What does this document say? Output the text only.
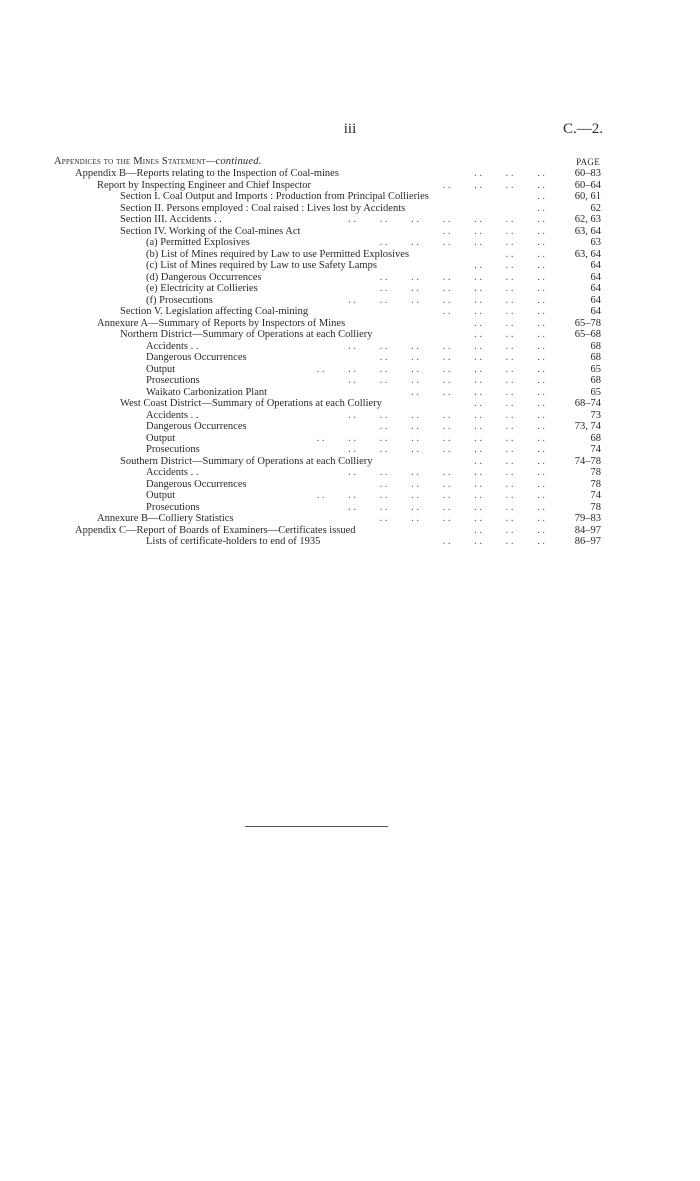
iii	C.—2.
PAGE
Appendices to the Mines Statement—continued.
Appendix B—Reports relating to the Inspection of Coal-mines	. .         . .         . .	60–83
Report by Inspecting Engineer and Chief Inspector	. .         . .         . .         . .	60–64
Section I. Coal Output and Imports : Production from Principal Collieries	. .	60, 61
Section II. Persons employed : Coal raised : Lives lost by Accidents	. .	62
Section III. Accidents . .	. .         . .         . .         . .         . .         . .         . .	62, 63
Section IV. Working of the Coal-mines Act	. .         . .         . .         . .	63, 64
(a) Permitted Explosives	. .         . .         . .         . .         . .         . .	63
(b) List of Mines required by Law to use Permitted Explosives	. .         . .	63, 64
(c) List of Mines required by Law to use Safety Lamps	. .         . .         . .	64
(d) Dangerous Occurrences	. .         . .         . .         . .         . .         . .	64
(e) Electricity at Collieries	. .         . .         . .         . .         . .         . .	64
(f) Prosecutions	. .         . .         . .         . .         . .         . .         . .	64
Section V. Legislation affecting Coal-mining	. .         . .         . .         . .	64
Annexure A—Summary of Reports by Inspectors of Mines	. .         . .         . .	65–78
Northern District—Summary of Operations at each Colliery	. .         . .         . .	65–68
Accidents . .	. .         . .         . .         . .         . .         . .         . .	68
Dangerous Occurrences	. .         . .         . .         . .         . .         . .	68
Output	. .         . .         . .         . .         . .         . .         . .         . .	65
Prosecutions	. .         . .         . .         . .         . .         . .         . .	68
Waikato Carbonization Plant	. .         . .         . .         . .         . .	65
West Coast District—Summary of Operations at each Colliery	. .         . .         . .	68–74
Accidents . .	. .         . .         . .         . .         . .         . .         . .	73
Dangerous Occurrences	. .         . .         . .         . .         . .         . .	73, 74
Output	. .         . .         . .         . .         . .         . .         . .         . .	68
Prosecutions	. .         . .         . .         . .         . .         . .         . .	74
Southern District—Summary of Operations at each Colliery	. .         . .         . .	74–78
Accidents . .	. .         . .         . .         . .         . .         . .         . .	78
Dangerous Occurrences	. .         . .         . .         . .         . .         . .	78
Output	. .         . .         . .         . .         . .         . .         . .         . .	74
Prosecutions	. .         . .         . .         . .         . .         . .         . .	78
Annexure B—Colliery Statistics	. .         . .         . .         . .         . .         . .	79–83
Appendix C—Report of Boards of Examiners—Certificates issued	. .         . .         . .	84–97
Lists of certificate-holders to end of 1935	. .         . .         . .         . .	86–97
